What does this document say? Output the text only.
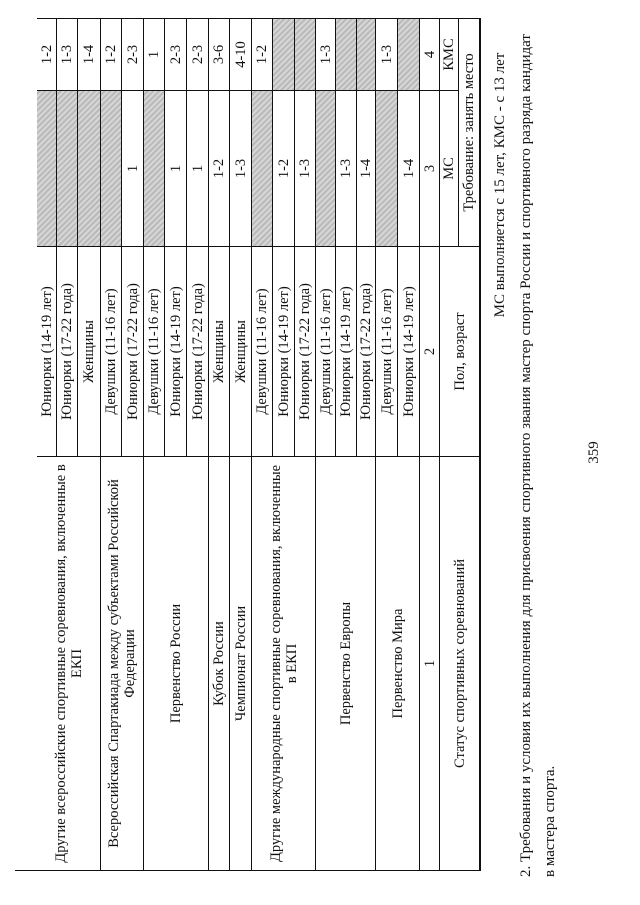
359
2. Требования и условия их выполнения для присвоения спортивного звания мастер спорта России и спортивного разряда кандидат в мастера спорта.
МС выполняется с 15 лет, КМС - с 13 лет
Статус спортивных соревнований
Пол, возраст
Требование: занять место
МС
КМС
1
2
3
4
Первенство Мира
Юниорки (14-19 лет)
1-4
Девушки (11-16 лет)
1-3
Первенство Европы
Юниорки (17-22 года)
1-4
Юниорки (14-19 лет)
1-3
Девушки (11-16 лет)
1-3
Другие международные спортивные соревнования, включенные в ЕКП
Юниорки (17-22 года)
1-3
Юниорки (14-19 лет)
1-2
Девушки (11-16 лет)
1-2
Чемпионат России
Женщины
1-3
4-10
Кубок России
Женщины
1-2
3-6
Первенство России
Юниорки (17-22 года)
1
2-3
Юниорки (14-19 лет)
1
2-3
Девушки (11-16 лет)
1
Всероссийская Спартакиада между субъектами Российской Федерации
Юниорки (17-22 года)
1
2-3
Девушки (11-16 лет)
1-2
Другие всероссийские спортивные соревнования, включенные в ЕКП
Женщины
1-4
Юниорки (17-22 года)
1-3
Юниорки (14-19 лет)
1-2
